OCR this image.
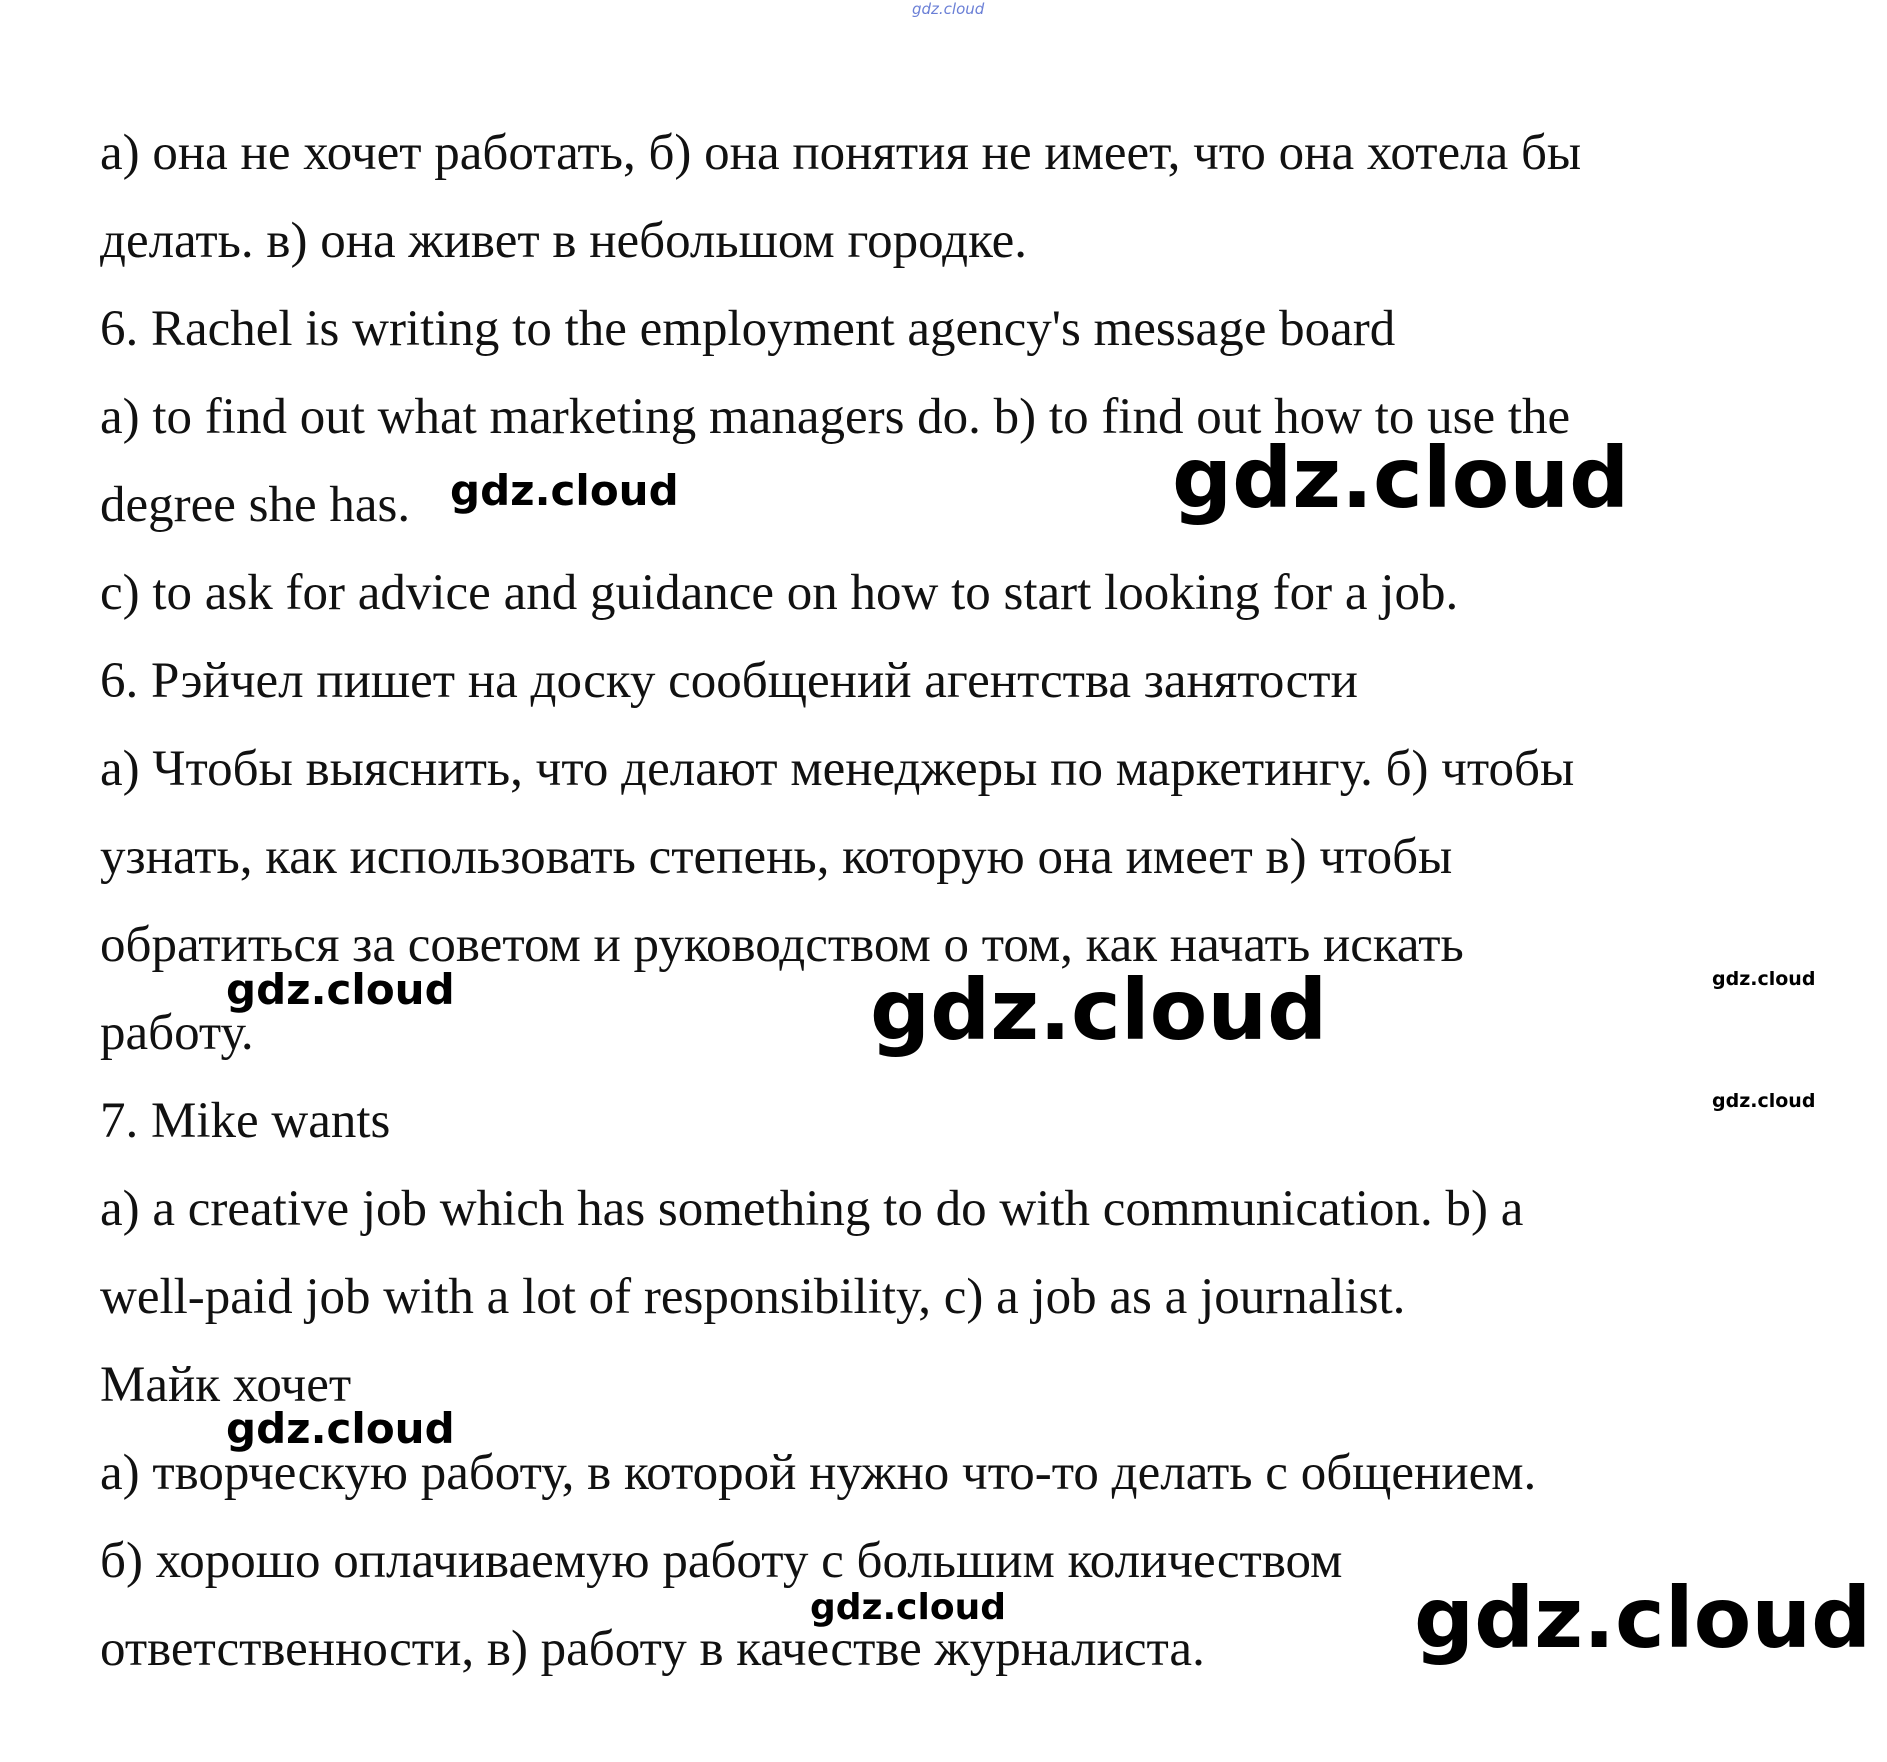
а) она не хочет работать, б) она понятия не имеет, что она хотела бы
делать. в) она живет в небольшом городке.
6. Rachel is writing to the employment agency's message board
a) to find out what marketing managers do. b) to find out how to use the
degree she has.
c) to ask for advice and guidance on how to start looking for a job.
6. Рэйчел пишет на доску сообщений агентства занятости
а) Чтобы выяснить, что делают менеджеры по маркетингу. б) чтобы
узнать, как использовать степень, которую она имеет в) чтобы
обратиться за советом и руководством о том, как начать искать
работу.
7. Mike wants
a) a creative job which has something to do with communication. b) a
well-paid job with a lot of responsibility, c) a job as a journalist.
Майк хочет
а) творческую работу, в которой нужно что-то делать с общением.
б) хорошо оплачиваемую работу с большим количеством
ответственности, в) работу в качестве журналиста.
gdz.cloud
gdz.cloud	gdz.cloud
gdz.cloud	gdz.cloud	gdz.cloud
gdz.cloud
gdz.cloud
gdz.cloud	gdz.cloud
